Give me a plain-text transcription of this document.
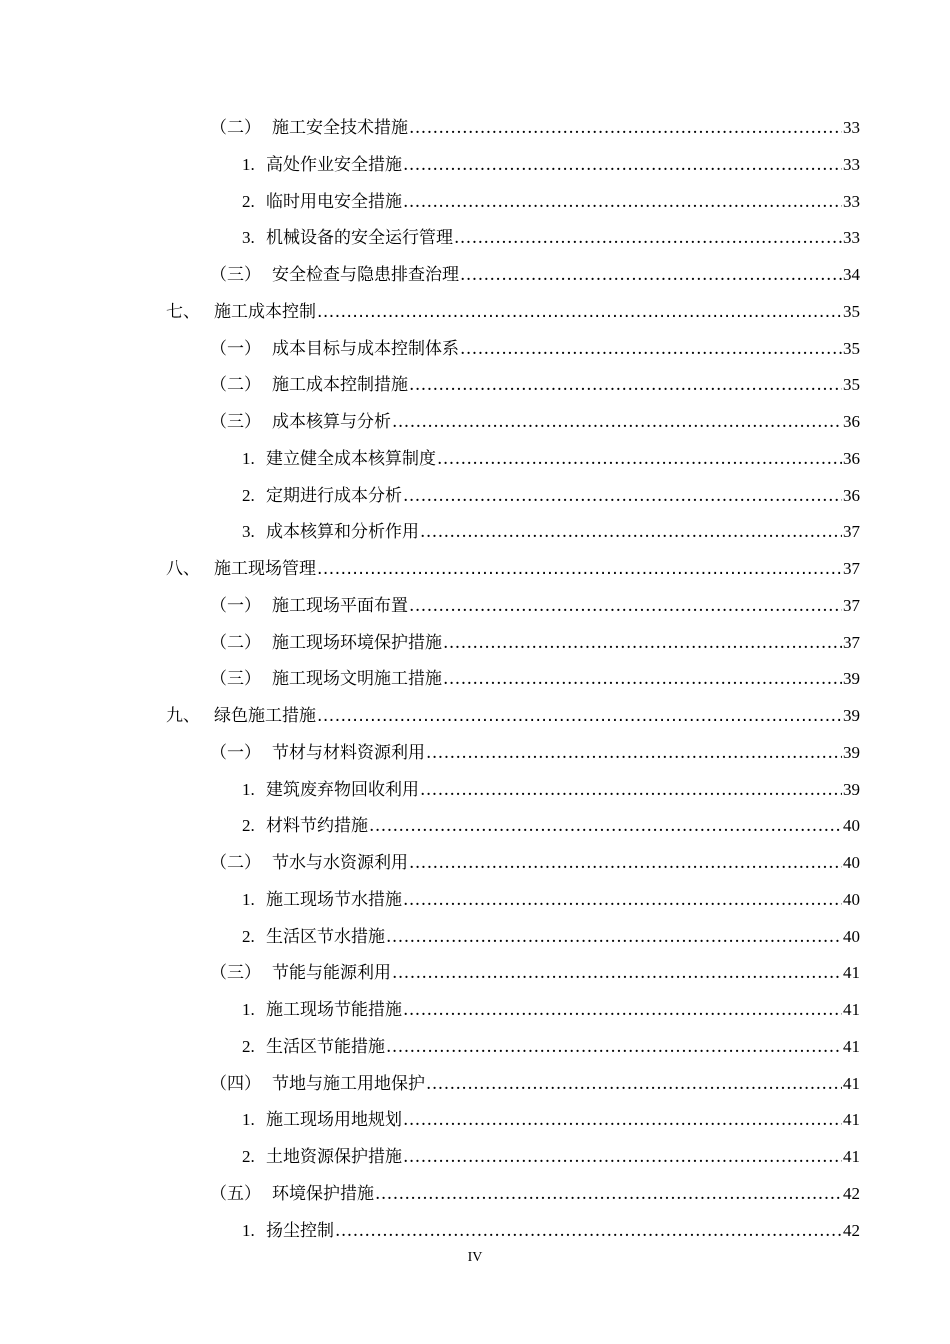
（二） 施工安全技术措施 .....	33
1. 高处作业安全措施 .....	33
2. 临时用电安全措施 .....	33
3. 机械设备的安全运行管理 .....	33
（三） 安全检查与隐患排查治理 .....	34
七、 施工成本控制 .....	35
（一） 成本目标与成本控制体系 .....	35
（二） 施工成本控制措施 .....	35
（三） 成本核算与分析 .....	36
1. 建立健全成本核算制度 .....	36
2. 定期进行成本分析 .....	36
3. 成本核算和分析作用 .....	37
八、 施工现场管理 .....	37
（一） 施工现场平面布置 .....	37
（二） 施工现场环境保护措施 .....	37
（三） 施工现场文明施工措施 .....	39
九、 绿色施工措施 .....	39
（一） 节材与材料资源利用 .....	39
1. 建筑废弃物回收利用 .....	39
2. 材料节约措施 .....	40
（二） 节水与水资源利用 .....	40
1. 施工现场节水措施 .....	40
2. 生活区节水措施 .....	40
（三） 节能与能源利用 .....	41
1. 施工现场节能措施 .....	41
2. 生活区节能措施 .....	41
（四） 节地与施工用地保护 .....	41
1. 施工现场用地规划 .....	41
2. 土地资源保护措施 .....	41
（五） 环境保护措施 .....	42
1. 扬尘控制 .....	42
IV
